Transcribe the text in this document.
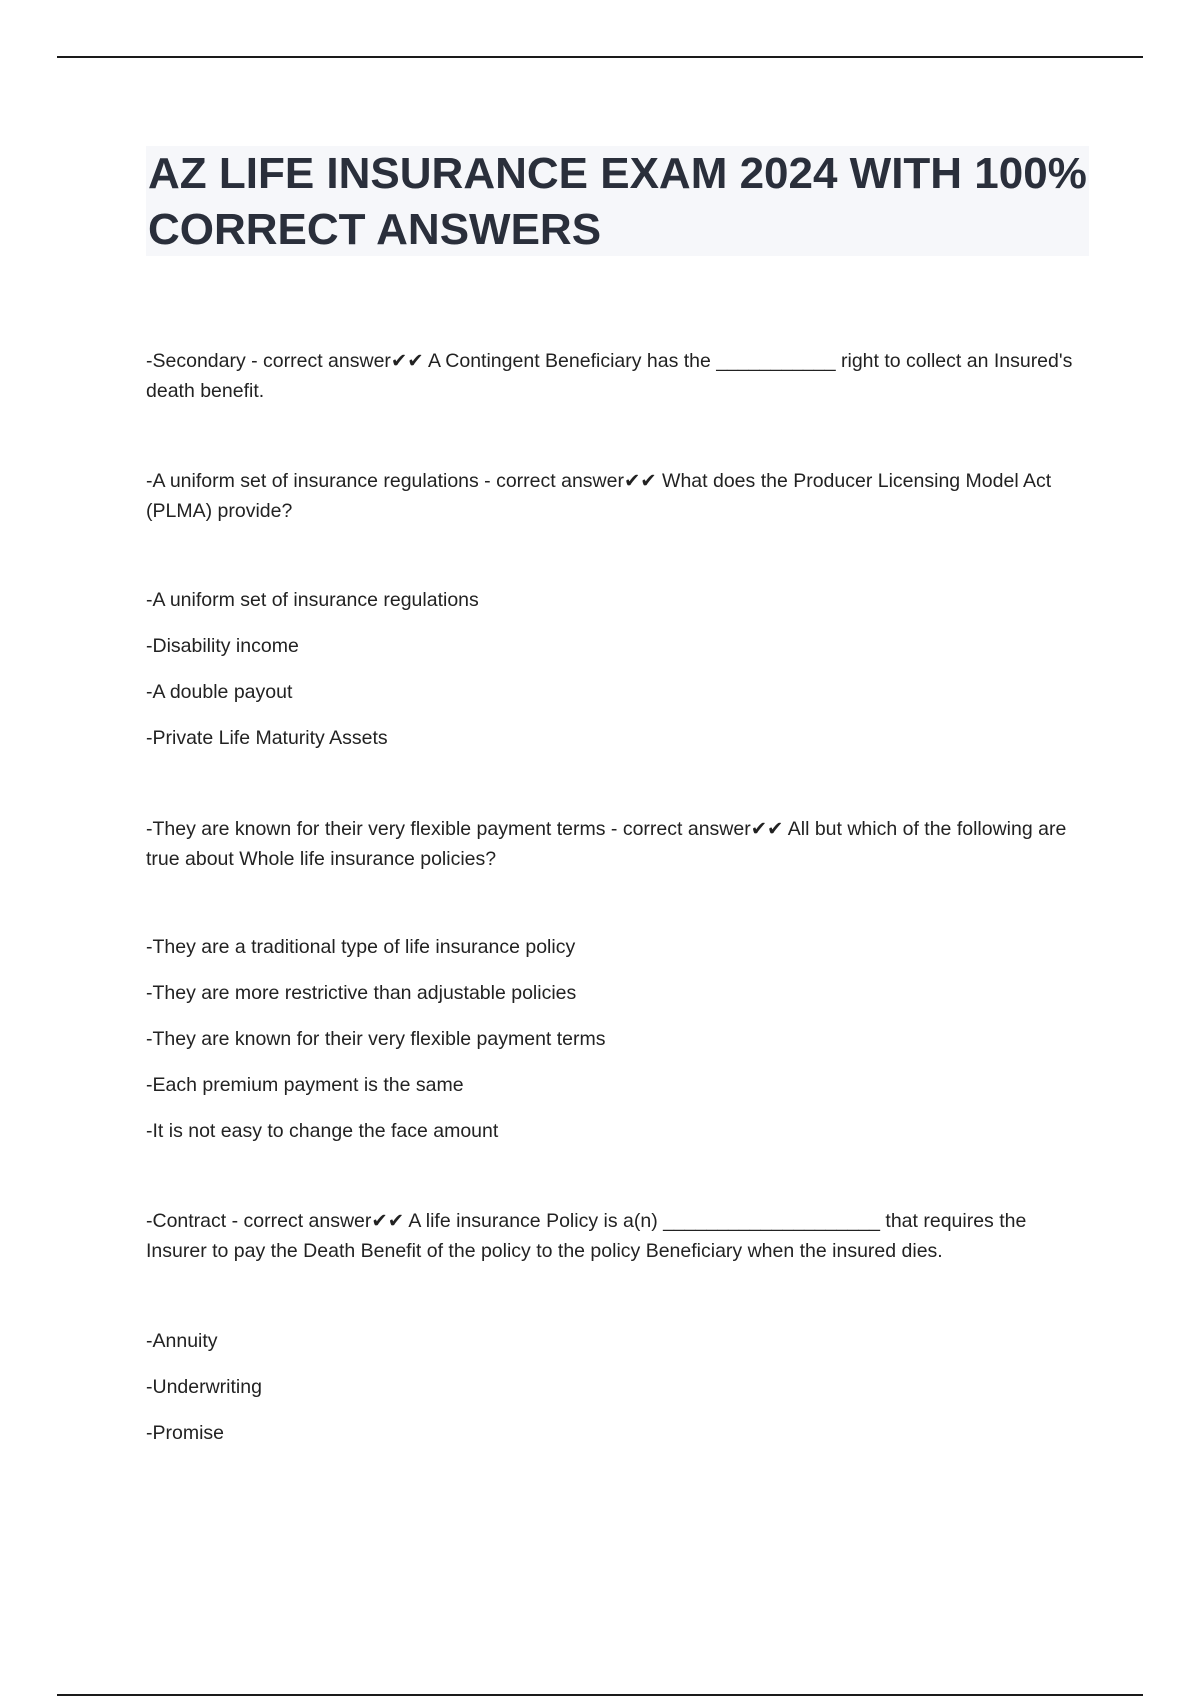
AZ LIFE INSURANCE EXAM 2024 WITH 100% CORRECT ANSWERS

-Secondary - correct answer✔✔ A Contingent Beneficiary has the ___________ right to collect an Insured's death benefit.

-A uniform set of insurance regulations - correct answer✔✔ What does the Producer Licensing Model Act (PLMA) provide?

-A uniform set of insurance regulations
-Disability income
-A double payout
-Private Life Maturity Assets

-They are known for their very flexible payment terms - correct answer✔✔ All but which of the following are true about Whole life insurance policies?

-They are a traditional type of life insurance policy
-They are more restrictive than adjustable policies
-They are known for their very flexible payment terms
-Each premium payment is the same
-It is not easy to change the face amount

-Contract - correct answer✔✔ A life insurance Policy is a(n) ____________________ that requires the Insurer to pay the Death Benefit of the policy to the policy Beneficiary when the insured dies.

-Annuity
-Underwriting
-Promise
